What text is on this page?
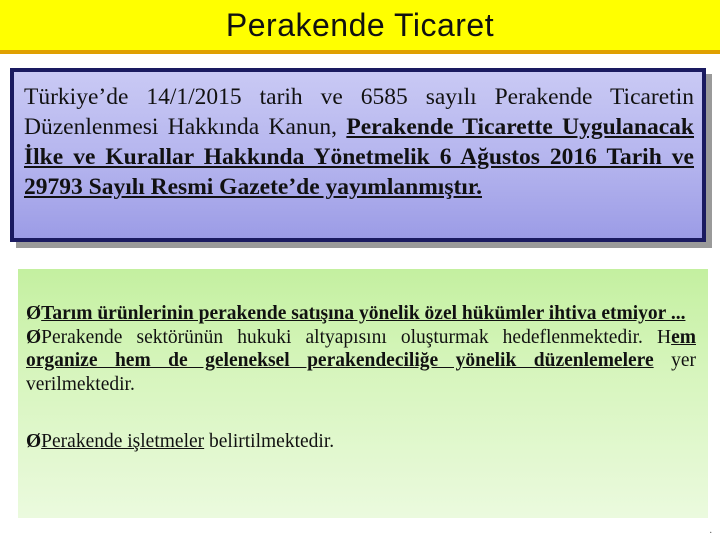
Perakende Ticaret
Türkiye’de 14/1/2015 tarih ve 6585 sayılı Perakende Ticaretin Düzenlenmesi Hakkında Kanun, Perakende Ticarette Uygulanacak İlke ve Kurallar Hakkında Yönetmelik 6 Ağustos 2016 Tarih ve 29793 Sayılı Resmi Gazete’de yayımlanmıştır.

ØTarım ürünlerinin perakende satışına yönelik özel hükümler ihtiva etmiyor ...

ØPerakende sektörünün hukuki altyapısını oluşturmak hedeflenmektedir. Hem organize hem de geleneksel perakendeciliğe yönelik düzenlemelere yer verilmektedir.

ØPerakende işletmeler belirtilmektedir.

.
